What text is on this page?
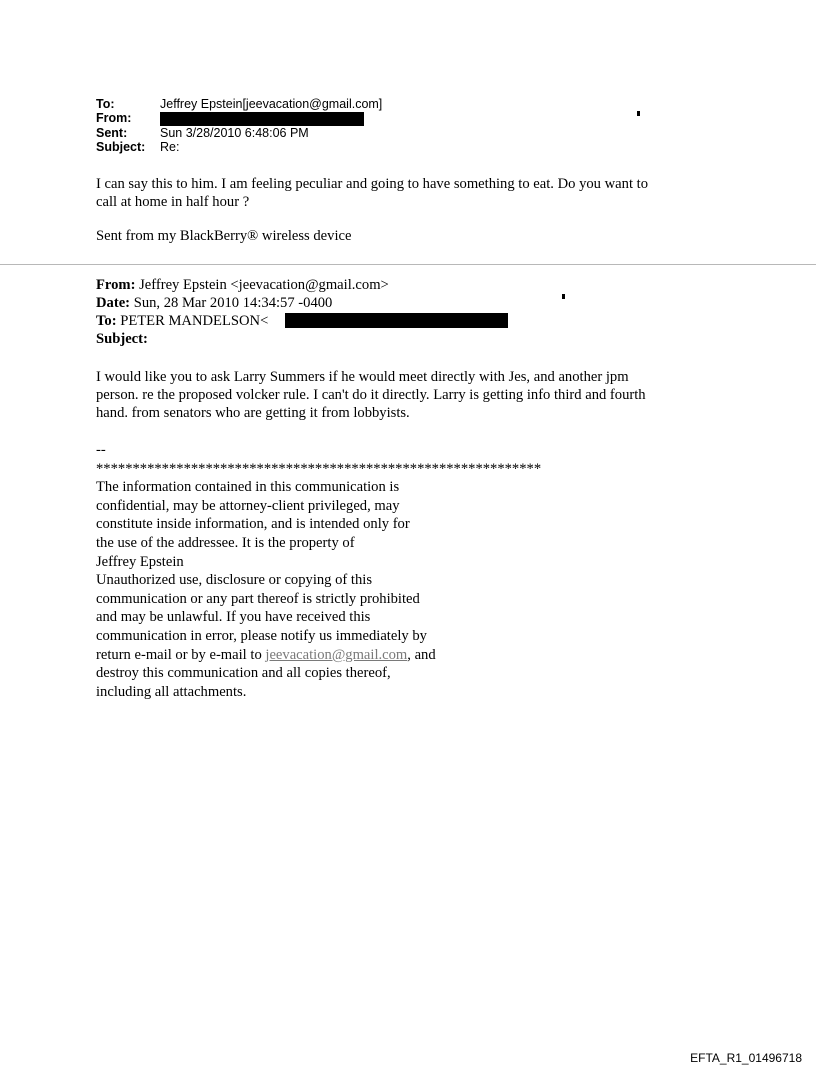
To:	Jeffrey Epstein[jeevacation@gmail.com]
From:
Sent:	Sun 3/28/2010 6:48:06 PM
Subject: Re:
I can say this to him. I am feeling peculiar and going to have something to eat. Do you want to
call at home in half hour ?
Sent from my BlackBerry® wireless device
From: Jeffrey Epstein <jeevacation@gmail.com>
Date: Sun, 28 Mar 2010 14:34:57 -0400
To: PETER MANDELSON<
Subject:
I would like you to ask Larry Summers if he would meet directly with Jes, and another jpm
person. re the proposed volcker rule. I can't do it directly. Larry is getting info third and fourth
hand. from senators who are getting it from lobbyists.
--
*************************************************************
The information contained in this communication is
confidential, may be attorney-client privileged, may
constitute inside information, and is intended only for
the use of the addressee. It is the property of
Jeffrey Epstein
Unauthorized use, disclosure or copying of this
communication or any part thereof is strictly prohibited
and may be unlawful. If you have received this
communication in error, please notify us immediately by
return e-mail or by e-mail to jeevacation@gmail.com, and
destroy this communication and all copies thereof,
including all attachments.
EFTA_R1_01496718
